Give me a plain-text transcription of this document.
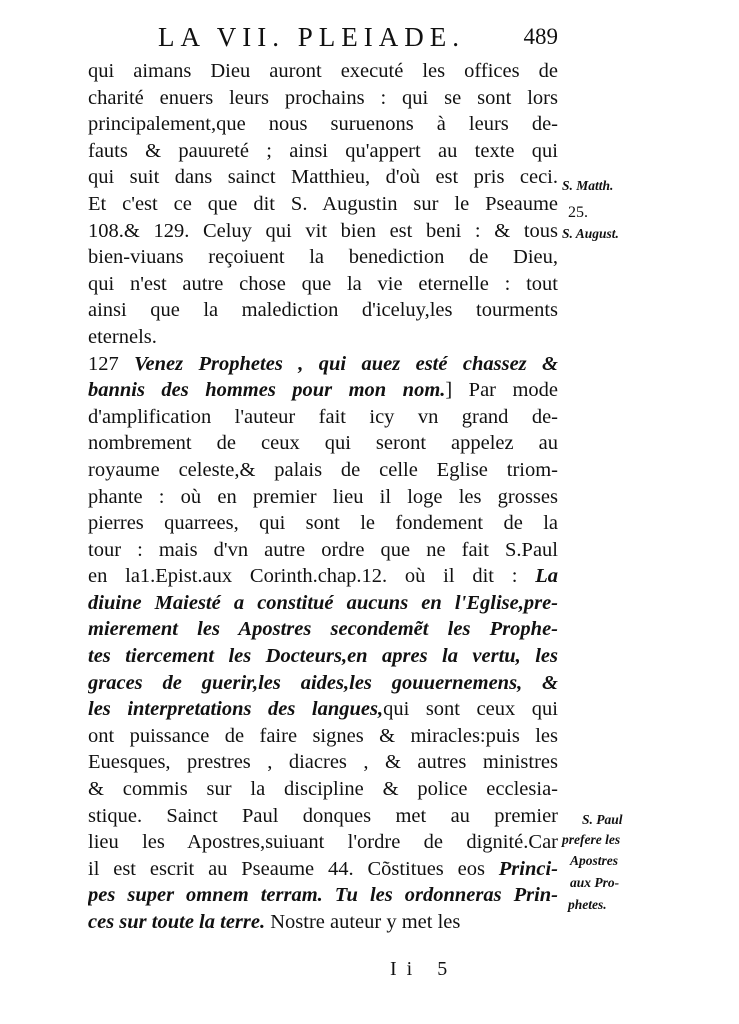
LA VII. PLEIADE.	489
qui aimans Dieu auront executé les offices de
charité enuers leurs prochains : qui se sont lors
principalement,que nous suruenons à leurs de-
fauts & pauureté ; ainsi qu'appert au texte qui
qui suit dans sainct Matthieu, d'où est pris ceci.
Et c'est ce que dit S. Augustin sur le Pseaume
108.& 129. Celuy qui vit bien est beni : & tous
bien-viuans reçoiuent la benediction de Dieu,
qui n'est autre chose que la vie eternelle : tout
ainsi que la malediction d'iceluy,les tourments
eternels.
127 Venez Prophetes , qui auez esté chassez &
bannis des hommes pour mon nom.] Par mode
d'amplification l'auteur fait icy vn grand de-
nombrement de ceux qui seront appelez au
royaume celeste,& palais de celle Eglise triom-
phante : où en premier lieu il loge les grosses
pierres quarrees, qui sont le fondement de la
tour : mais d'vn autre ordre que ne fait S.Paul
en la1.Epist.aux Corinth.chap.12. où il dit : La
diuine Maiesté a constitué aucuns en l'Eglise,pre-
mierement les Apostres secondemẽt les Prophe-
tes tiercement les Docteurs,en apres la vertu, les
graces de guerir,les aides,les gouuernemens, &
les interpretations des langues,qui sont ceux qui
ont puissance de faire signes & miracles:puis les
Euesques, prestres , diacres , & autres ministres
& commis sur la discipline & police ecclesia-
stique. Sainct Paul donques met au premier
lieu les Apostres,suiuant l'ordre de dignité.Car
il est escrit au Pseaume 44. Cõstitues eos Princi-
pes super omnem terram. Tu les ordonneras Prin-
ces sur toute la terre. Nostre auteur y met les
S. Matth.
25.
S. August.
S. Paul
prefere les
Apostres
aux Pro-
phetes.
Ii 5
